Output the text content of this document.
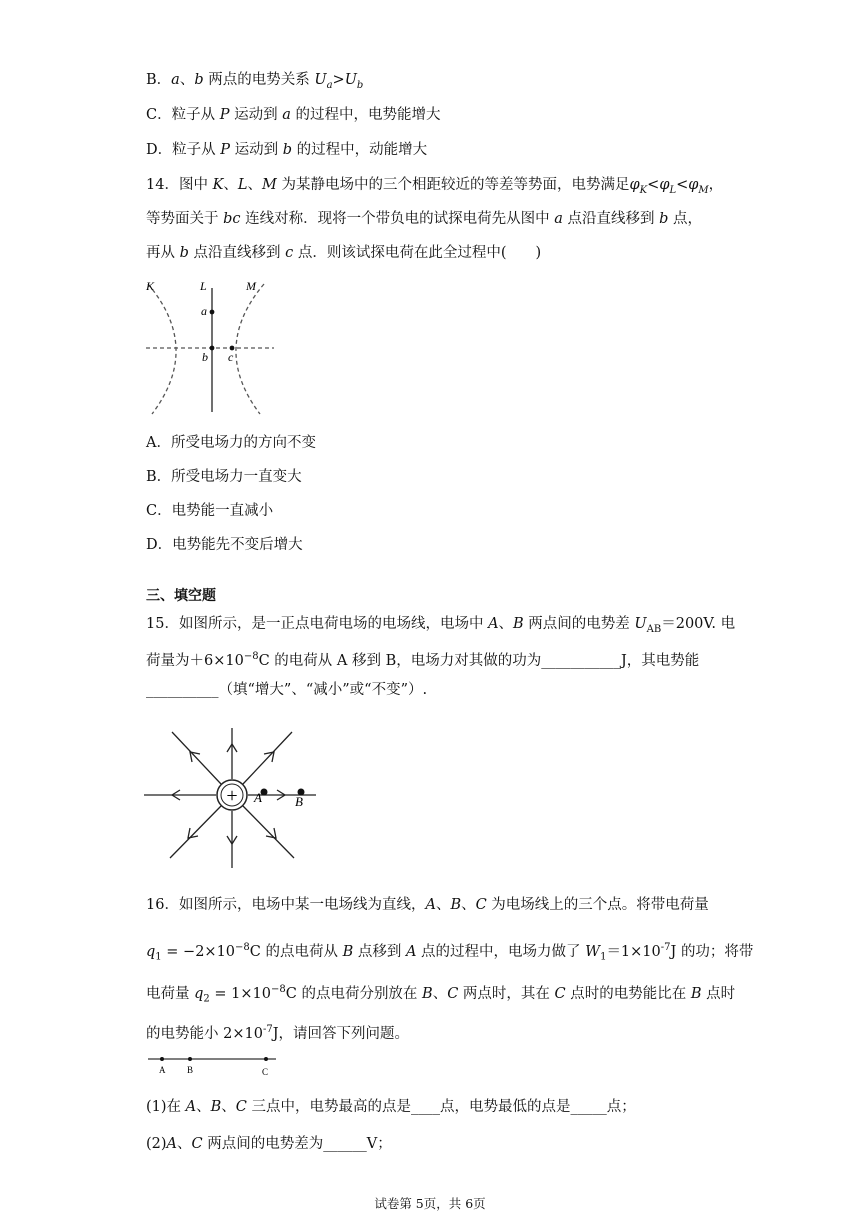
B．a、b 两点的电势关系 $U_a>U_b$
C．粒子从 P 运动到 a 的过程中，电势能增大
D．粒子从 P 运动到 b 的过程中，动能增大
14．图中 K、L、M 为某静电场中的三个相距较近的等差等势面，电势满足$\varphi_K<\varphi_L<\varphi_M$，
等势面关于 bc 连线对称．现将一个带负电的试探电荷先从图中 a 点沿直线移到 b 点，
再从 b 点沿直线移到 c 点．则该试探电荷在此全过程中(　　)
K	L	M
a
b c
A．所受电场力的方向不变
B．所受电场力一直变大
C．电势能一直减小
D．电势能先不变后增大
三、填空题
15．如图所示，是一正点电荷电场的电场线，电场中 A、B 两点间的电势差 $U_{AB}=200V$. 电
荷量为$+6\times 10^{-8}C$ 的电荷从 A 移到 B，电场力对其做的功为___________J，其电势能
__________（填“增大”、“减小”或“不变”）.
+ A	B
16．如图所示，电场中某一电场线为直线，A、B、C 为电场线上的三个点。将带电荷量
$q_1 = -2\times 10^{-8}C$ 的点电荷从 B 点移到 A 点的过程中，电场力做了 $W_1=1\times 10^{-7}J$ 的功；将带
电荷量 $q_2 = 1\times 10^{-8}C$ 的点电荷分别放在 B、C 两点时，其在 C 点时的电势能比在 B 点时
的电势能小 $2\times 10^{-7}J$，请回答下列问题。
A B	C
(1)在 A、B、C 三点中，电势最高的点是____点，电势最低的点是_____点；
(2)A、C 两点间的电势差为______V；
试卷第 5页，共 6页
